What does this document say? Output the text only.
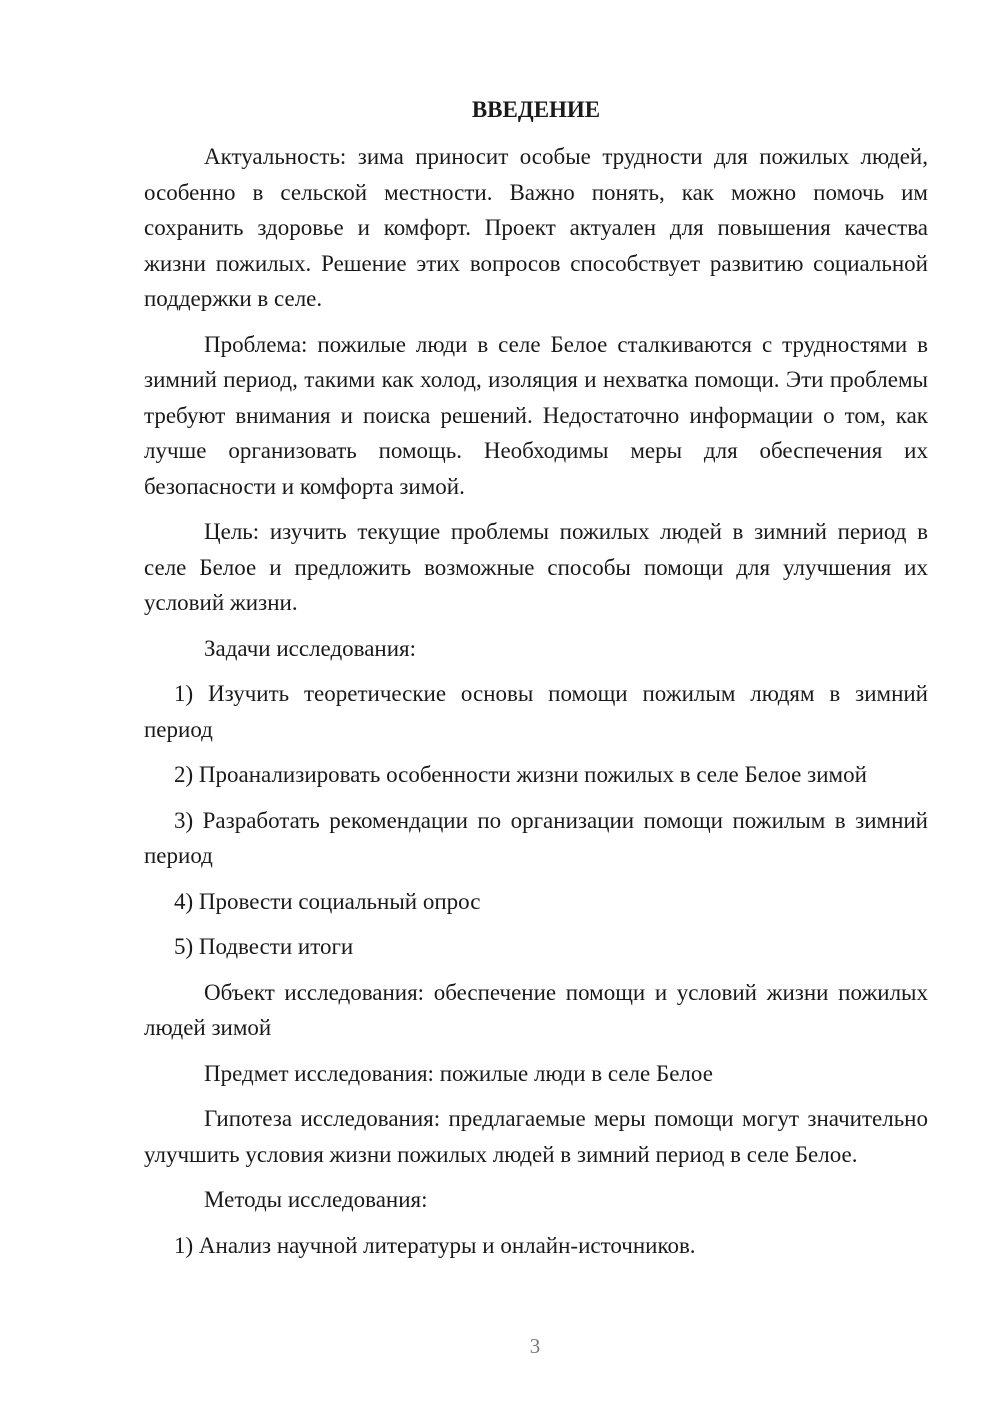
ВВЕДЕНИЕ

Актуальность: зима приносит особые трудности для пожилых людей, особенно в сельской местности. Важно понять, как можно помочь им сохранить здоровье и комфорт. Проект актуален для повышения качества жизни пожилых. Решение этих вопросов способствует развитию социальной поддержки в селе.

Проблема: пожилые люди в селе Белое сталкиваются с трудностями в зимний период, такими как холод, изоляция и нехватка помощи. Эти проблемы требуют внимания и поиска решений. Недостаточно информации о том, как лучше организовать помощь. Необходимы меры для обеспечения их безопасности и комфорта зимой.

Цель: изучить текущие проблемы пожилых людей в зимний период в селе Белое и предложить возможные способы помощи для улучшения их условий жизни.

Задачи исследования:

1) Изучить теоретические основы помощи пожилым людям в зимний период

2) Проанализировать особенности жизни пожилых в селе Белое зимой

3) Разработать рекомендации по организации помощи пожилым в зимний период

4) Провести социальный опрос

5) Подвести итоги

Объект исследования: обеспечение помощи и условий жизни пожилых людей зимой

Предмет исследования: пожилые люди в селе Белое

Гипотеза исследования: предлагаемые меры помощи могут значительно улучшить условия жизни пожилых людей в зимний период в селе Белое.

Методы исследования:

1) Анализ научной литературы и онлайн-источников.

3
